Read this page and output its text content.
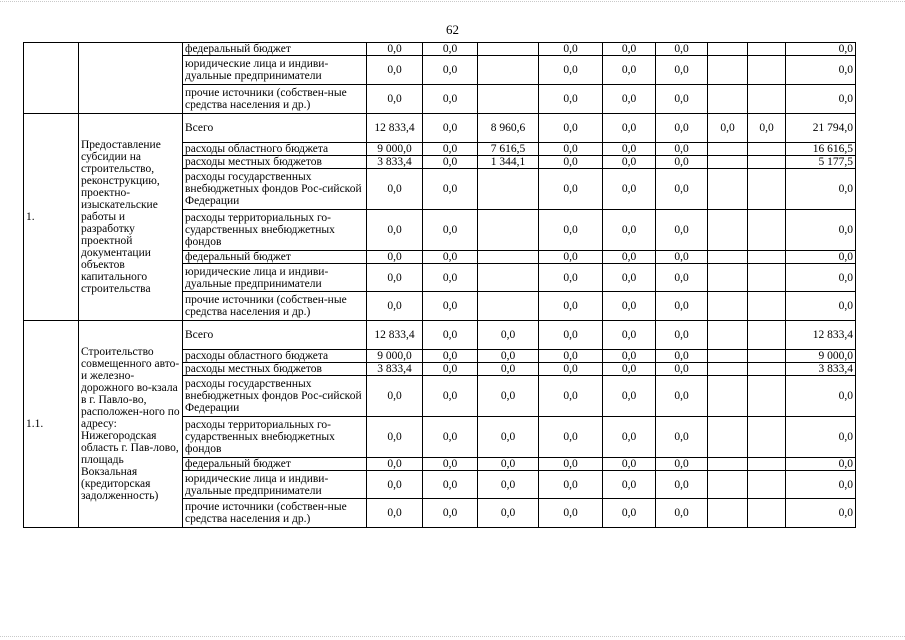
62
		федеральный бюджет	0,0	0,0		0,0	0,0	0,0			0,0
		юридические лица и индиви-дуальные предприниматели	0,0	0,0		0,0	0,0	0,0			0,0
		прочие источники (собствен-ные средства населения и др.)	0,0	0,0		0,0	0,0	0,0			0,0
1.	Предоставление субсидии на строительство, реконструкцию, проектно-изыскательские работы и разработку проектной документации объектов капитального строительства	Всего	12 833,4	0,0	8 960,6	0,0	0,0	0,0	0,0	0,0	21 794,0
		расходы областного бюджета	9 000,0	0,0	7 616,5	0,0	0,0	0,0			16 616,5
		расходы местных бюджетов	3 833,4	0,0	1 344,1	0,0	0,0	0,0			5 177,5
		расходы государственных внебюджетных фондов Рос-сийской Федерации	0,0	0,0		0,0	0,0	0,0			0,0
		расходы территориальных го-сударственных внебюджетных фондов	0,0	0,0		0,0	0,0	0,0			0,0
		федеральный бюджет	0,0	0,0		0,0	0,0	0,0			0,0
		юридические лица и индиви-дуальные предприниматели	0,0	0,0		0,0	0,0	0,0			0,0
		прочие источники (собствен-ные средства населения и др.)	0,0	0,0		0,0	0,0	0,0			0,0
1.1.	Строительство совмещенного авто- и железно-дорожного во-кзала в г. Павло-во, расположен-ного по адресу: Нижегородская область г. Пав-лово, площадь Вокзальная (кредиторская задолженность)	Всего	12 833,4	0,0	0,0	0,0	0,0	0,0			12 833,4
		расходы областного бюджета	9 000,0	0,0	0,0	0,0	0,0	0,0			9 000,0
		расходы местных бюджетов	3 833,4	0,0	0,0	0,0	0,0	0,0			3 833,4
		расходы государственных внебюджетных фондов Рос-сийской Федерации	0,0	0,0	0,0	0,0	0,0	0,0			0,0
		расходы территориальных го-сударственных внебюджетных фондов	0,0	0,0	0,0	0,0	0,0	0,0			0,0
		федеральный бюджет	0,0	0,0	0,0	0,0	0,0	0,0			0,0
		юридические лица и индиви-дуальные предприниматели	0,0	0,0	0,0	0,0	0,0	0,0			0,0
		прочие источники (собствен-ные средства населения и др.)	0,0	0,0	0,0	0,0	0,0	0,0			0,0
